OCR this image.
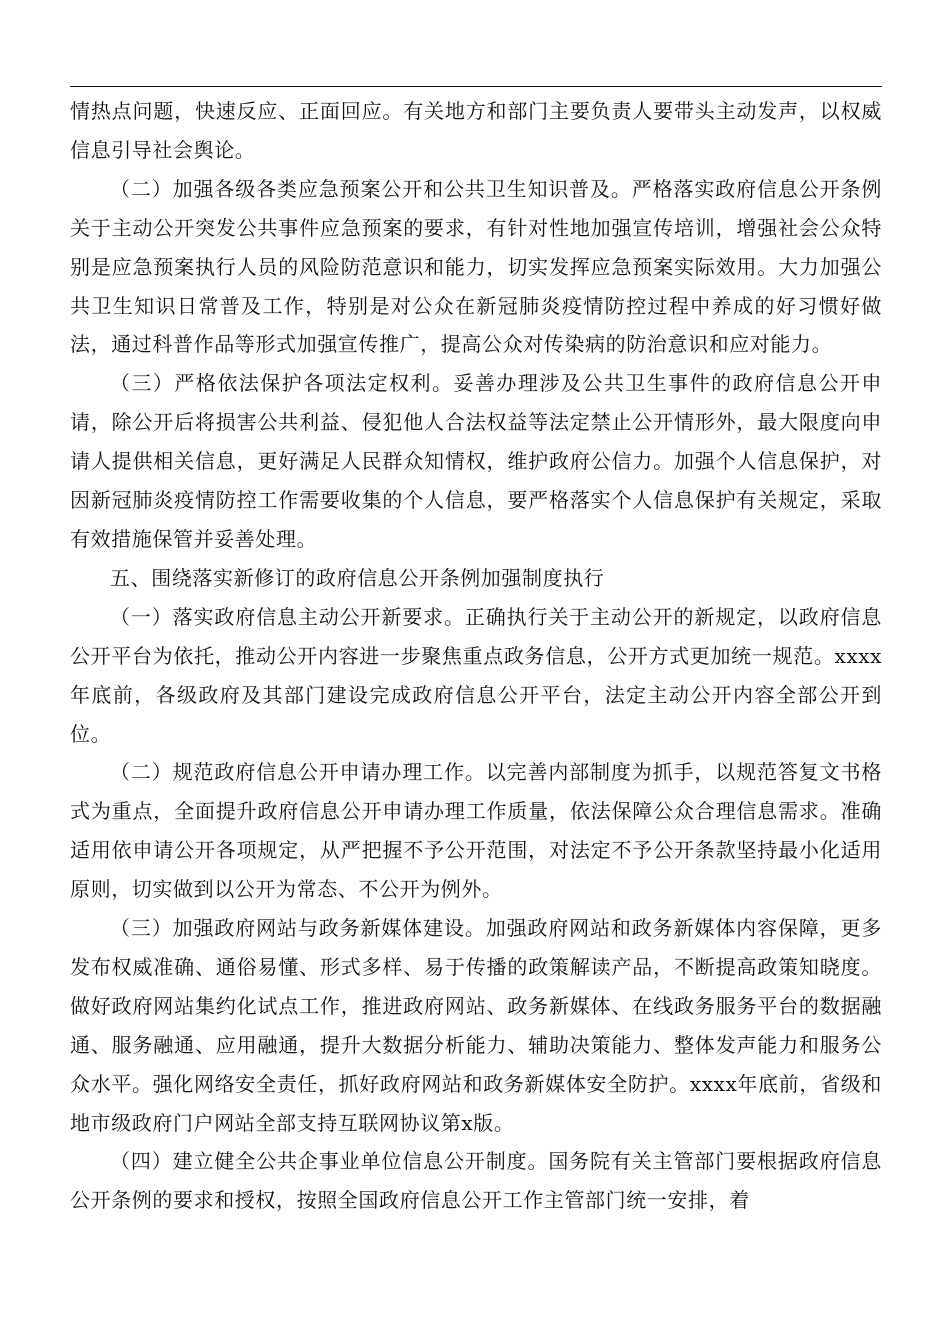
情热点问题，快速反应、正面回应。有关地方和部门主要负责人要带头主动发声，以权威信息引导社会舆论。

（二）加强各级各类应急预案公开和公共卫生知识普及。严格落实政府信息公开条例关于主动公开突发公共事件应急预案的要求，有针对性地加强宣传培训，增强社会公众特别是应急预案执行人员的风险防范意识和能力，切实发挥应急预案实际效用。大力加强公共卫生知识日常普及工作，特别是对公众在新冠肺炎疫情防控过程中养成的好习惯好做法，通过科普作品等形式加强宣传推广，提高公众对传染病的防治意识和应对能力。

（三）严格依法保护各项法定权利。妥善办理涉及公共卫生事件的政府信息公开申请，除公开后将损害公共利益、侵犯他人合法权益等法定禁止公开情形外，最大限度向申请人提供相关信息，更好满足人民群众知情权，维护政府公信力。加强个人信息保护，对因新冠肺炎疫情防控工作需要收集的个人信息，要严格落实个人信息保护有关规定，采取有效措施保管并妥善处理。

五、围绕落实新修订的政府信息公开条例加强制度执行

（一）落实政府信息主动公开新要求。正确执行关于主动公开的新规定，以政府信息公开平台为依托，推动公开内容进一步聚焦重点政务信息，公开方式更加统一规范。xxxx年底前，各级政府及其部门建设完成政府信息公开平台，法定主动公开内容全部公开到位。

（二）规范政府信息公开申请办理工作。以完善内部制度为抓手，以规范答复文书格式为重点，全面提升政府信息公开申请办理工作质量，依法保障公众合理信息需求。准确适用依申请公开各项规定，从严把握不予公开范围，对法定不予公开条款坚持最小化适用原则，切实做到以公开为常态、不公开为例外。

（三）加强政府网站与政务新媒体建设。加强政府网站和政务新媒体内容保障，更多发布权威准确、通俗易懂、形式多样、易于传播的政策解读产品，不断提高政策知晓度。做好政府网站集约化试点工作，推进政府网站、政务新媒体、在线政务服务平台的数据融通、服务融通、应用融通，提升大数据分析能力、辅助决策能力、整体发声能力和服务公众水平。强化网络安全责任，抓好政府网站和政务新媒体安全防护。xxxx年底前，省级和地市级政府门户网站全部支持互联网协议第x版。

（四）建立健全公共企事业单位信息公开制度。国务院有关主管部门要根据政府信息公开条例的要求和授权，按照全国政府信息公开工作主管部门统一安排，着
